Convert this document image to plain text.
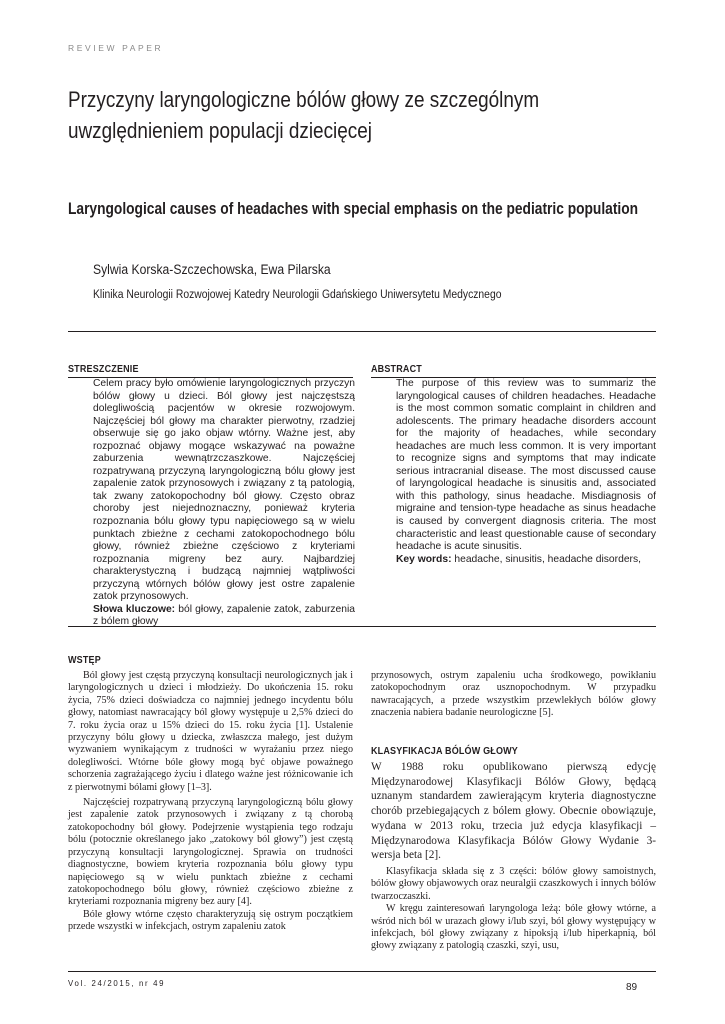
REVIEW PAPER
Przyczyny laryngologiczne bólów głowy ze szczególnym uwzględnieniem populacji dziecięcej
Laryngological causes of headaches with special emphasis on the pediatric population
Sylwia Korska-Szczechowska, Ewa Pilarska
Klinika Neurologii Rozwojowej Katedry Neurologii Gdańskiego Uniwersytetu Medycznego
STRESZCZENIE

Celem pracy było omówienie laryngologicznych przyczyn bólów głowy u dzieci. Ból głowy jest najczęstszą dolegliwością pacjentów w okresie rozwojowym. Najczęściej ból głowy ma charakter pierwotny, rzadziej obserwuje się go jako objaw wtórny. Ważne jest, aby rozpoznać objawy mogące wskazywać na poważne zaburzenia wewnątrzczaszkowe. Najczęściej rozpatrywaną przyczyną laryngologiczną bólu głowy jest zapalenie zatok przynosowych i związany z tą patologią, tak zwany zatokopochodny ból głowy. Często obraz choroby jest niejednoznaczny, ponieważ kryteria rozpoznania bólu głowy typu napięciowego są w wielu punktach zbieżne z cechami zatokopochodnego bólu głowy, również zbieżne częściowo z kryteriami rozpoznania migreny bez aury. Najbardziej charakterystyczną i budzącą najmniej wątpliwości przyczyną wtórnych bólów głowy jest ostre zapalenie zatok przynosowych.

Słowa kluczowe: ból głowy, zapalenie zatok, zaburzenia z bólem głowy

ABSTRACT

The purpose of this review was to summariz the laryngological causes of children headaches. Headache is the most common somatic complaint in children and adolescents. The primary headache disorders account for the majority of headaches, while secondary headaches are much less common. It is very important to recognize signs and symptoms that may indicate serious intracranial disease. The most discussed cause of laryngological headache is sinusitis and, associated with this pathology, sinus headache. Misdiagnosis of migraine and tension-type headache as sinus headache is caused by convergent diagnosis criteria. The most characteristic and least questionable cause of secondary headache is acute sinusitis.

Key words: headache, sinusitis, headache disorders,

WSTĘP

Ból głowy jest częstą przyczyną konsultacji neurologicznych jak i laryngologicznych u dzieci i młodzieży. Do ukończenia 15. roku życia, 75% dzieci doświadcza co najmniej jednego incydentu bólu głowy, natomiast nawracający ból głowy występuje u 2,5% dzieci do 7. roku życia oraz u 15% dzieci do 15. roku życia [1]. Ustalenie przyczyny bólu głowy u dziecka, zwłaszcza małego, jest dużym wyzwaniem wynikającym z trudności w wyrażaniu przez niego dolegliwości. Wtórne bóle głowy mogą być objawe poważnego schorzenia zagrażającego życiu i dlatego ważne jest różnicowanie ich z pierwotnymi bólami głowy [1–3].

Najczęściej rozpatrywaną przyczyną laryngologiczną bólu głowy jest zapalenie zatok przynosowych i związany z tą chorobą zatokopochodny ból głowy. Podejrzenie wystąpienia tego rodzaju bólu (potocznie określanego jako „zatokowy ból głowy”) jest częstą przyczyną konsultacji laryngologicznej. Sprawia on trudności diagnostyczne, bowiem kryteria rozpoznania bólu głowy typu napięciowego są w wielu punktach zbieżne z cechami zatokopochodnego bólu głowy, również częściowo zbieżne z kryteriami rozpoznania migreny bez aury [4].

Bóle głowy wtórne często charakteryzują się ostrym początkiem przede wszystki w infekcjach, ostrym zapaleniu zatok

przynosowych, ostrym zapaleniu ucha środkowego, powikłaniu zatokopochodnym oraz usznopochodnym. W przypadku nawracających, a przede wszystkim przewlekłych bólów głowy znaczenia nabiera badanie neurologiczne [5].

KLASYFIKACJA BÓLÓW GŁOWY

W 1988 roku opublikowano pierwszą edycję Międzynarodowej Klasyfikacji Bólów Głowy, będącą uznanym standardem zawierającym kryteria diagnostyczne chorób przebiegających z bólem głowy. Obecnie obowiązuje, wydana w 2013 roku, trzecia już edycja klasyfikacji – Międzynarodowa Klasyfikacja Bólów Głowy Wydanie 3-wersja beta [2].

Klasyfikacja składa się z 3 części: bólów głowy samoistnych, bólów głowy objawowych oraz neuralgii czaszkowych i innych bólów twarzoczaszki.

W kręgu zainteresowań laryngologa leżą: bóle głowy wtórne, a wśród nich ból w urazach głowy i/lub szyi, ból głowy występujący w infekcjach, ból głowy związany z hipoksją i/lub hiperkapnią, ból głowy związany z patologią czaszki, szyi, usu,

Vol. 24/2015, nr 49	89
